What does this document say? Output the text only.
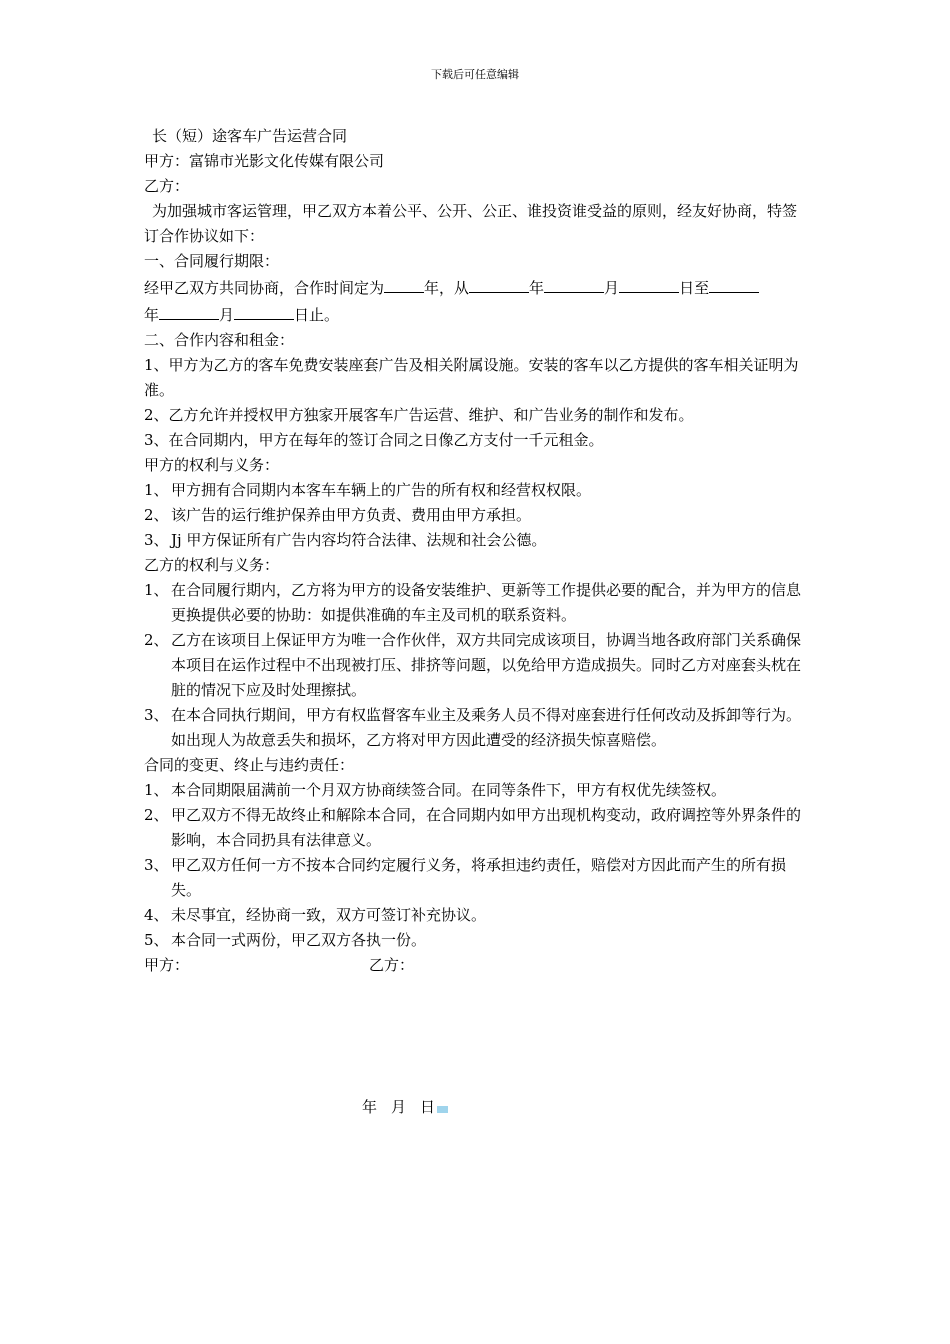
下载后可任意编辑

长（短）途客车广告运营合同

甲方：富锦市光影文化传媒有限公司

乙方：

为加强城市客运管理，甲乙双方本着公平、公开、公正、谁投资谁受益的原则，经友好协商，特签订合作协议如下：

一、合同履行期限：

经甲乙双方共同协商，合作时间定为	年，从	年	月	日至

年	月	日止。

二、合作内容和租金：

1、甲方为乙方的客车免费安装座套广告及相关附属设施。安装的客车以乙方提供的客车相关证明为准。

2、乙方允许并授权甲方独家开展客车广告运营、维护、和广告业务的制作和发布。

3、在合同期内，甲方在每年的签订合同之日像乙方支付一千元租金。

甲方的权利与义务：

1、 甲方拥有合同期内本客车车辆上的广告的所有权和经营权权限。
2、 该广告的运行维护保养由甲方负责、费用由甲方承担。
3、 Jj 甲方保证所有广告内容均符合法律、法规和社会公德。

乙方的权利与义务：

1、 在合同履行期内，乙方将为甲方的设备安装维护、更新等工作提供必要的配合，并为甲方的信息更换提供必要的协助：如提供准确的车主及司机的联系资料。
2、 乙方在该项目上保证甲方为唯一合作伙伴，双方共同完成该项目，协调当地各政府部门关系确保本项目在运作过程中不出现被打压、排挤等问题，以免给甲方造成损失。同时乙方对座套头枕在脏的情况下应及时处理擦拭。
3、 在本合同执行期间，甲方有权监督客车业主及乘务人员不得对座套进行任何改动及拆卸等行为。如出现人为故意丢失和损坏，乙方将对甲方因此遭受的经济损失惊喜赔偿。

合同的变更、终止与违约责任：

1、 本合同期限届满前一个月双方协商续签合同。在同等条件下，甲方有权优先续签权。
2、 甲乙双方不得无故终止和解除本合同，在合同期内如甲方出现机构变动，政府调控等外界条件的影响，本合同扔具有法律意义。
3、 甲乙双方任何一方不按本合同约定履行义务，将承担违约责任，赔偿对方因此而产生的所有损失。
4、 未尽事宜，经协商一致，双方可签订补充协议。
5、 本合同一式两份，甲乙双方各执一份。
甲方：	乙方：
年 月 日
